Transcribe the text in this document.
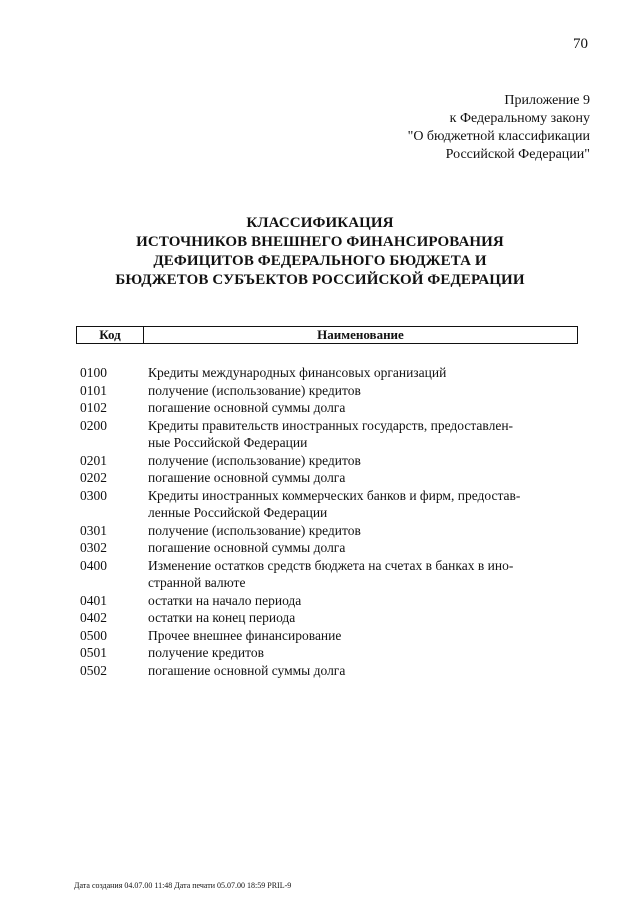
70
Приложение 9
к Федеральному закону
"О бюджетной классификации
Российской Федерации"
КЛАССИФИКАЦИЯ
ИСТОЧНИКОВ ВНЕШНЕГО ФИНАНСИРОВАНИЯ
ДЕФИЦИТОВ ФЕДЕРАЛЬНОГО БЮДЖЕТА И
БЮДЖЕТОВ СУБЪЕКТОВ РОССИЙСКОЙ ФЕДЕРАЦИИ
Код	Наименование
0100	Кредиты международных финансовых организаций
0101	получение (использование) кредитов
0102	погашение основной суммы долга
0200	Кредиты правительств иностранных государств, предоставлен-
ные Российской Федерации
0201	получение (использование) кредитов
0202	погашение основной суммы долга
0300	Кредиты иностранных коммерческих банков и фирм, предостав-
ленные Российской Федерации
0301	получение (использование) кредитов
0302	погашение основной суммы долга
0400	Изменение остатков средств бюджета на счетах в банках в ино-
странной валюте
0401	остатки на начало периода
0402	остатки на конец периода
0500	Прочее внешнее финансирование
0501	получение кредитов
0502	погашение основной суммы долга
Дата создания 04.07.00 11:48 Дата печати 05.07.00 18:59 PRIL-9
